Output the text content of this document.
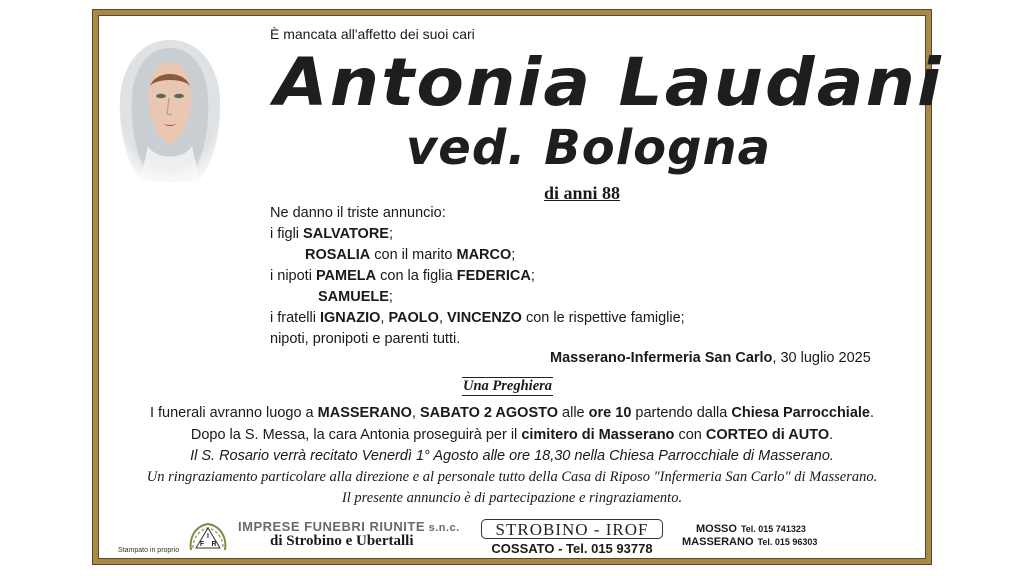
È mancata all'affetto dei suoi cari
Antonia Laudani
ved. Bologna
di anni 88
Ne danno il triste annuncio:
i figli SALVATORE;
ROSALIA con il marito MARCO;
i nipoti PAMELA con la figlia FEDERICA;
SAMUELE;
i fratelli IGNAZIO, PAOLO, VINCENZO con le rispettive famiglie;
nipoti, pronipoti e parenti tutti.
Masserano-Infermeria San Carlo, 30 luglio 2025
Una Preghiera
I funerali avranno luogo a MASSERANO, SABATO 2 AGOSTO alle ore 10 partendo dalla Chiesa Parrocchiale.
Dopo la S. Messa, la cara Antonia proseguirà per il cimitero di Masserano con CORTEO di AUTO.
Il S. Rosario verrà recitato Venerdì 1° Agosto alle ore 18,30 nella Chiesa Parrocchiale di Masserano.
Un ringraziamento particolare alla direzione e al personale tutto della Casa di Riposo "Infermeria San Carlo" di Masserano.
Il presente annuncio è di partecipazione e ringraziamento.
I
F R
IMPRESE FUNEBRI RIUNITE s.n.c.
di Strobino e Ubertalli
Stampato in proprio
STROBINO - IROF
COSSATO - Tel. 015 93778
MOSSO Tel. 015 741323
MASSERANO Tel. 015 96303
